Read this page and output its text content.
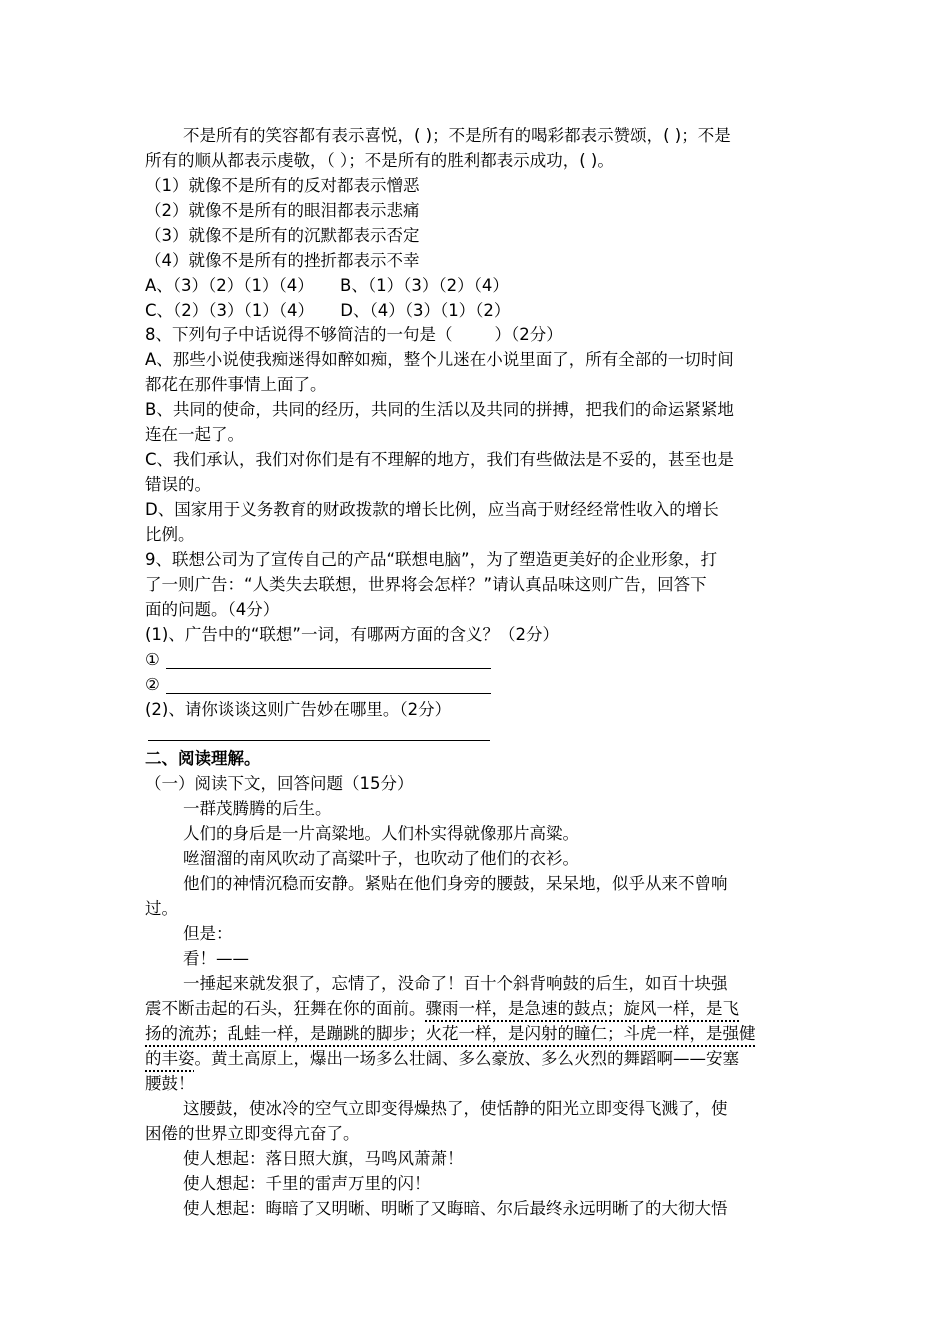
不是所有的笑容都有表示喜悦，( )；不是所有的喝彩都表示赞颂，( )；不是
所有的顺从都表示虔敬，（ ）；不是所有的胜利都表示成功，( )。
（1）就像不是所有的反对都表示憎恶
（2）就像不是所有的眼泪都表示悲痛
（3）就像不是所有的沉默都表示否定
（4）就像不是所有的挫折都表示不幸
A、（3）（2）（1）（4）     B、（1）（3）（2）（4）
C、（2）（3）（1）（4）     D、（4）（3）（1）（2）
8、下列句子中话说得不够简洁的一句是（        ）（2分）
A、那些小说使我痴迷得如醉如痴，整个儿迷在小说里面了，所有全部的一切时间
都花在那件事情上面了。
B、共同的使命，共同的经历，共同的生活以及共同的拼搏，把我们的命运紧紧地
连在一起了。
C、我们承认，我们对你们是有不理解的地方，我们有些做法是不妥的，甚至也是
错误的。
D、国家用于义务教育的财政拨款的增长比例，应当高于财经经常性收入的增长
比例。
9、联想公司为了宣传自己的产品“联想电脑”，为了塑造更美好的企业形象，打
了一则广告：“人类失去联想，世界将会怎样？”请认真品味这则广告，回答下
面的问题。（4分）
(1)、广告中的“联想”一词，有哪两方面的含义？（2分）
①
②
(2)、请你谈谈这则广告妙在哪里。（2分）
二、阅读理解。
（一）阅读下文，回答问题（15分）
一群茂腾腾的后生。
人们的身后是一片高粱地。人们朴实得就像那片高粱。
咝溜溜的南风吹动了高粱叶子，也吹动了他们的衣衫。
他们的神情沉稳而安静。紧贴在他们身旁的腰鼓，呆呆地，似乎从来不曾响
过。
但是：
看！——
一捶起来就发狠了，忘情了，没命了！百十个斜背响鼓的后生，如百十块强
震不断击起的石头，狂舞在你的面前。骤雨一样，是急速的鼓点；旋风一样，是飞
扬的流苏；乱蛙一样，是蹦跳的脚步；火花一样，是闪射的瞳仁；斗虎一样，是强健
的丰姿。黄土高原上，爆出一场多么壮阔、多么豪放、多么火烈的舞蹈啊——安塞
腰鼓！
这腰鼓，使冰冷的空气立即变得燥热了，使恬静的阳光立即变得飞溅了，使
困倦的世界立即变得亢奋了。
使人想起：落日照大旗，马鸣风萧萧！
使人想起：千里的雷声万里的闪！
使人想起：晦暗了又明晰、明晰了又晦暗、尔后最终永远明晰了的大彻大悟
